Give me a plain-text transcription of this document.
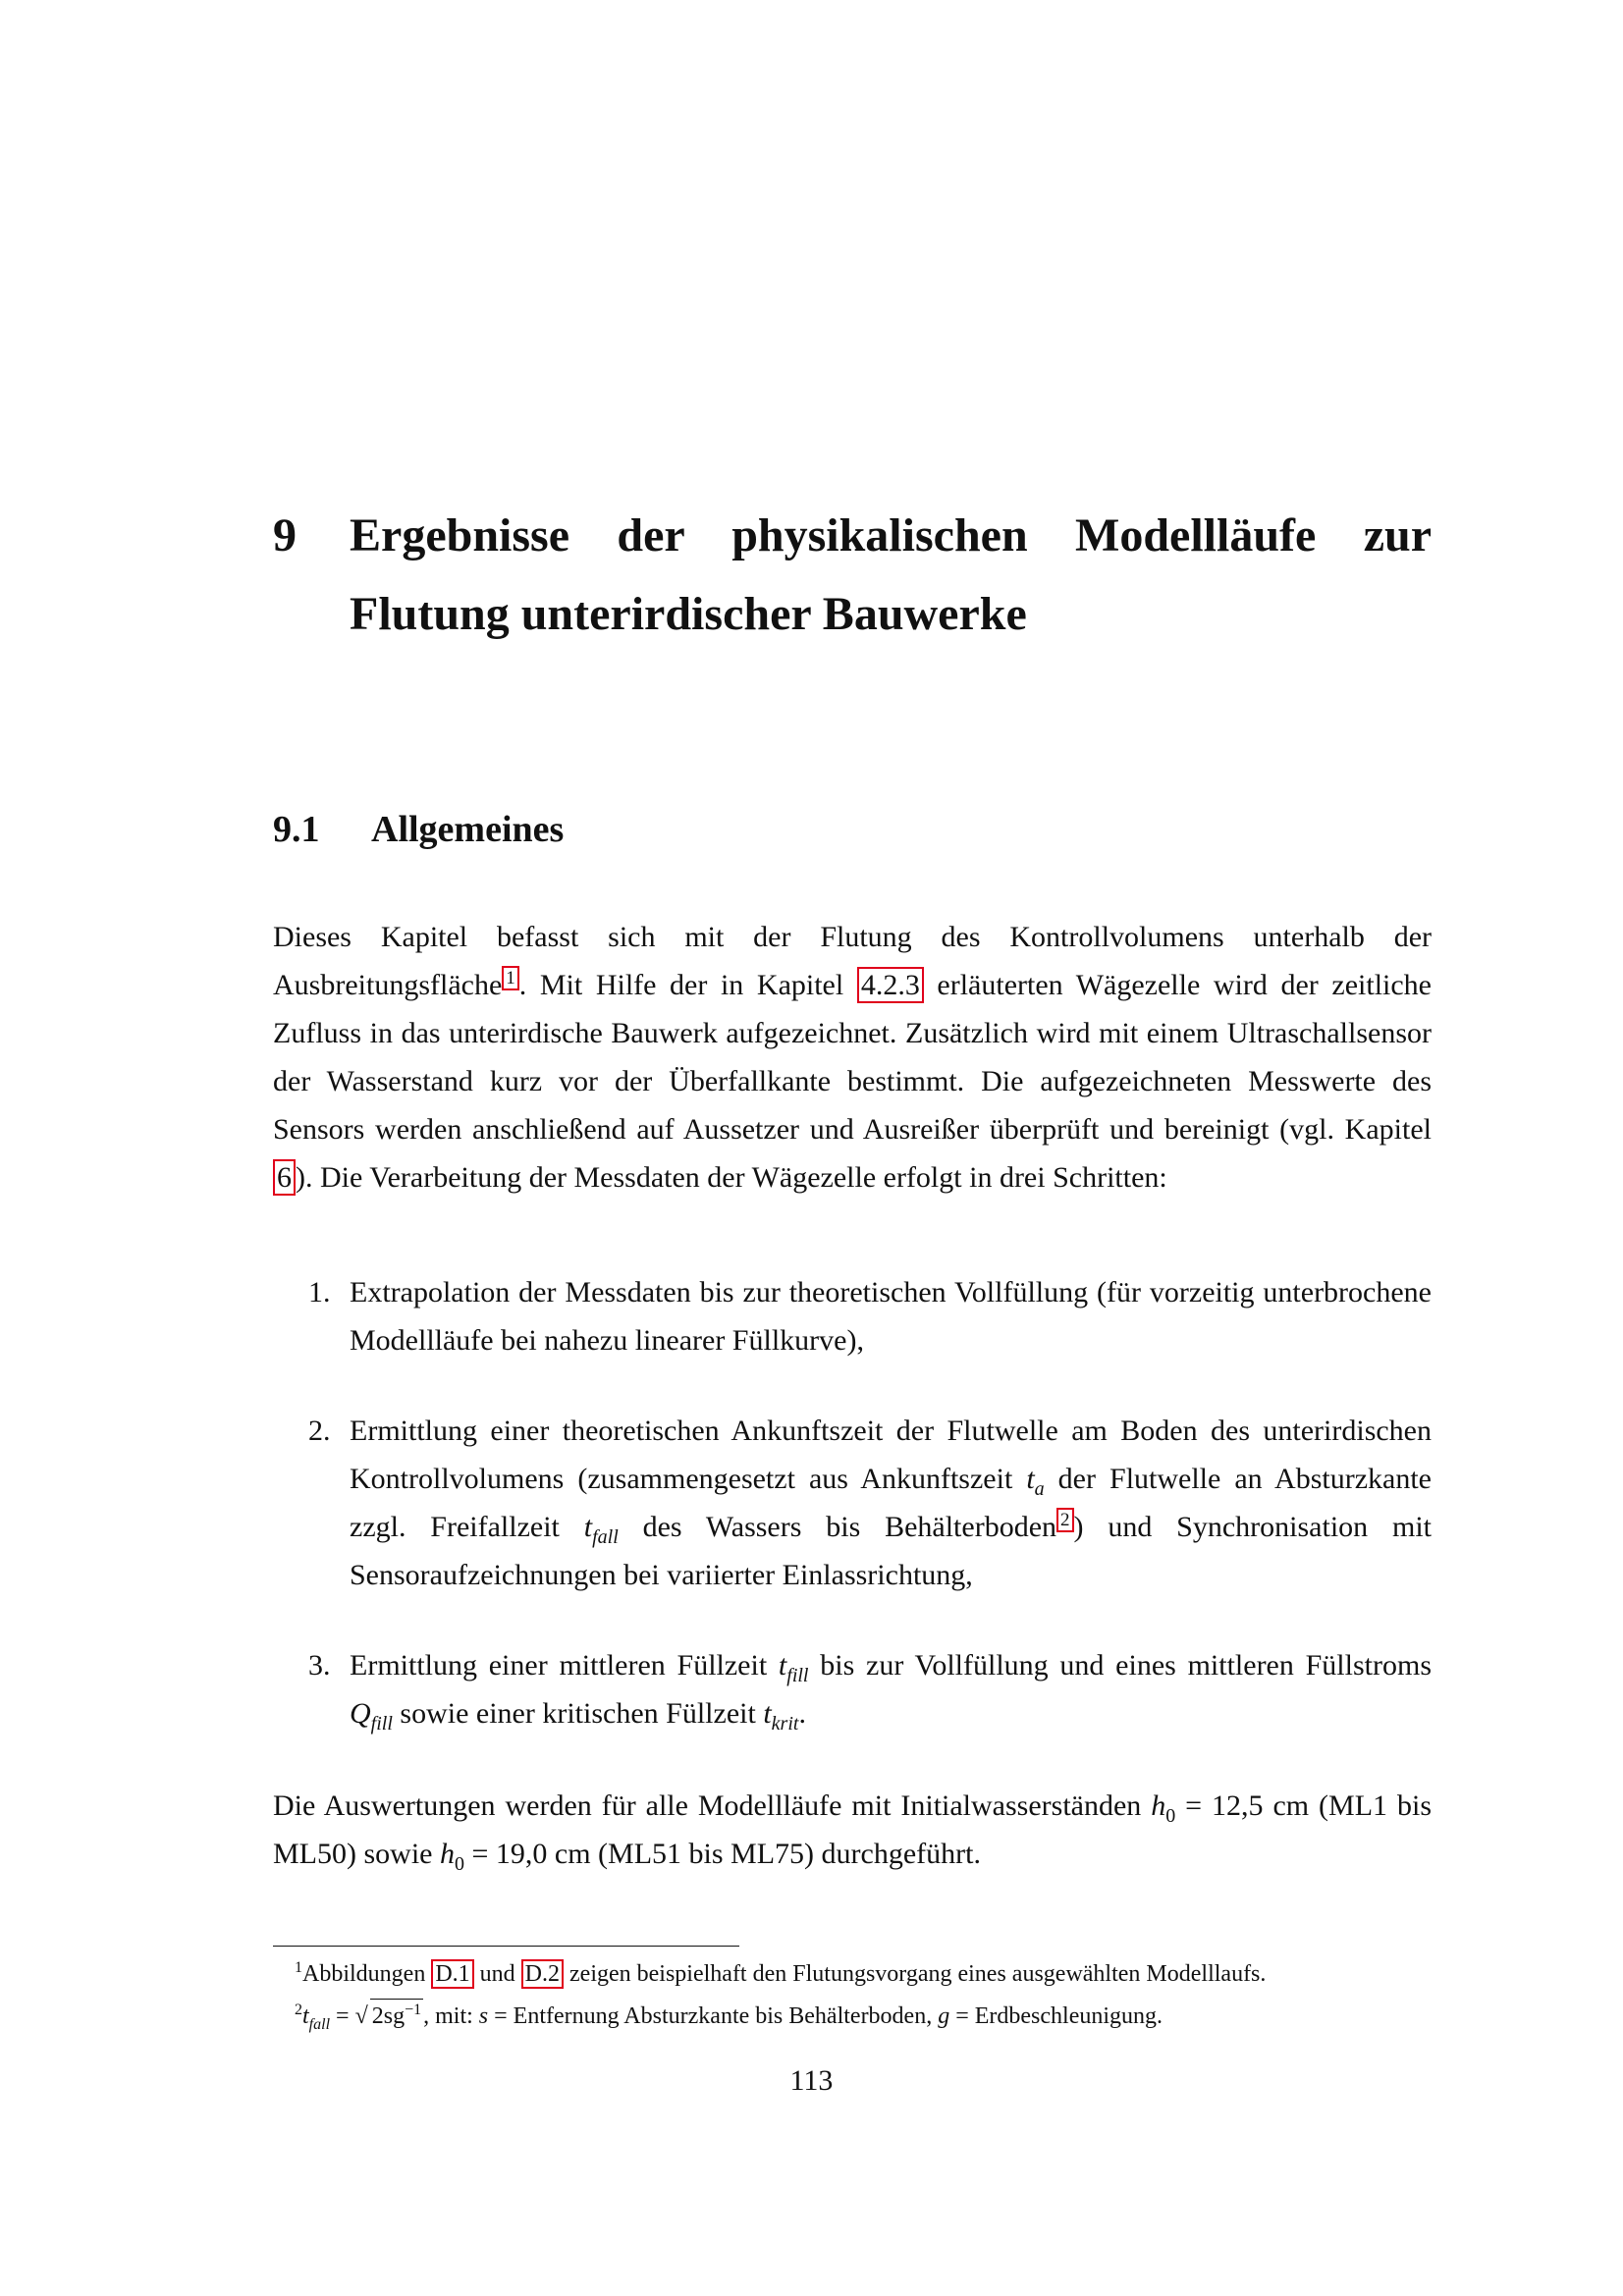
9 Ergebnisse der physikalischen Modellläufe zur Flutung unterirdischer Bauwerke
9.1 Allgemeines

Dieses Kapitel befasst sich mit der Flutung des Kontrollvolumens unterhalb der Ausbreitungsfläche $^1$ . Mit Hilfe der in Kapitel 4.2.3 erläuterten Wägezelle wird der zeitliche Zufluss in das unterirdische Bauwerk aufgezeichnet. Zusätzlich wird mit einem Ultraschallsensor der Wasserstand kurz vor der Überfallkante bestimmt. Die aufgezeichneten Messwerte des Sensors werden anschließend auf Aussetzer und Ausreißer überprüft und bereinigt (vgl. Kapitel 6 ). Die Verarbeitung der Messdaten der Wägezelle erfolgt in drei Schritten:

1. Extrapolation der Messdaten bis zur theoretischen Vollfüllung (für vorzeitig unterbrochene Modellläufe bei nahezu linearer Füllkurve),
2. Ermittlung einer theoretischen Ankunftszeit der Flutwelle am Boden des unterirdischen Kontrollvolumens (zusammengesetzt aus Ankunftszeit $t_a$ der Flutwelle an Absturzkante zzgl. Freifallzeit $t_{fall}$ des Wassers bis Behälterboden $^2$ ) und Synchronisation mit Sensoraufzeichnungen bei variierter Einlassrichtung,
3. Ermittlung einer mittleren Füllzeit $t_{fill}$ bis zur Vollfüllung und eines mittleren Füllstroms $Q_{fill}$ sowie einer kritischen Füllzeit $t_{krit}$.

Die Auswertungen werden für alle Modellläufe mit Initialwasserständen $h_0 = 12,5$ cm (ML1 bis ML50) sowie $h_0 = 19,0$ cm (ML51 bis ML75) durchgeführt.

$^1$Abbildungen D.1 und D.2 zeigen beispielhaft den Flutungsvorgang eines ausgewählten Modelllaufs.
$^2t_{fall}$ = √ $2sg^{-1}$, mit: s = Entfernung Absturzkante bis Behälterboden, g = Erdbeschleunigung.
113
